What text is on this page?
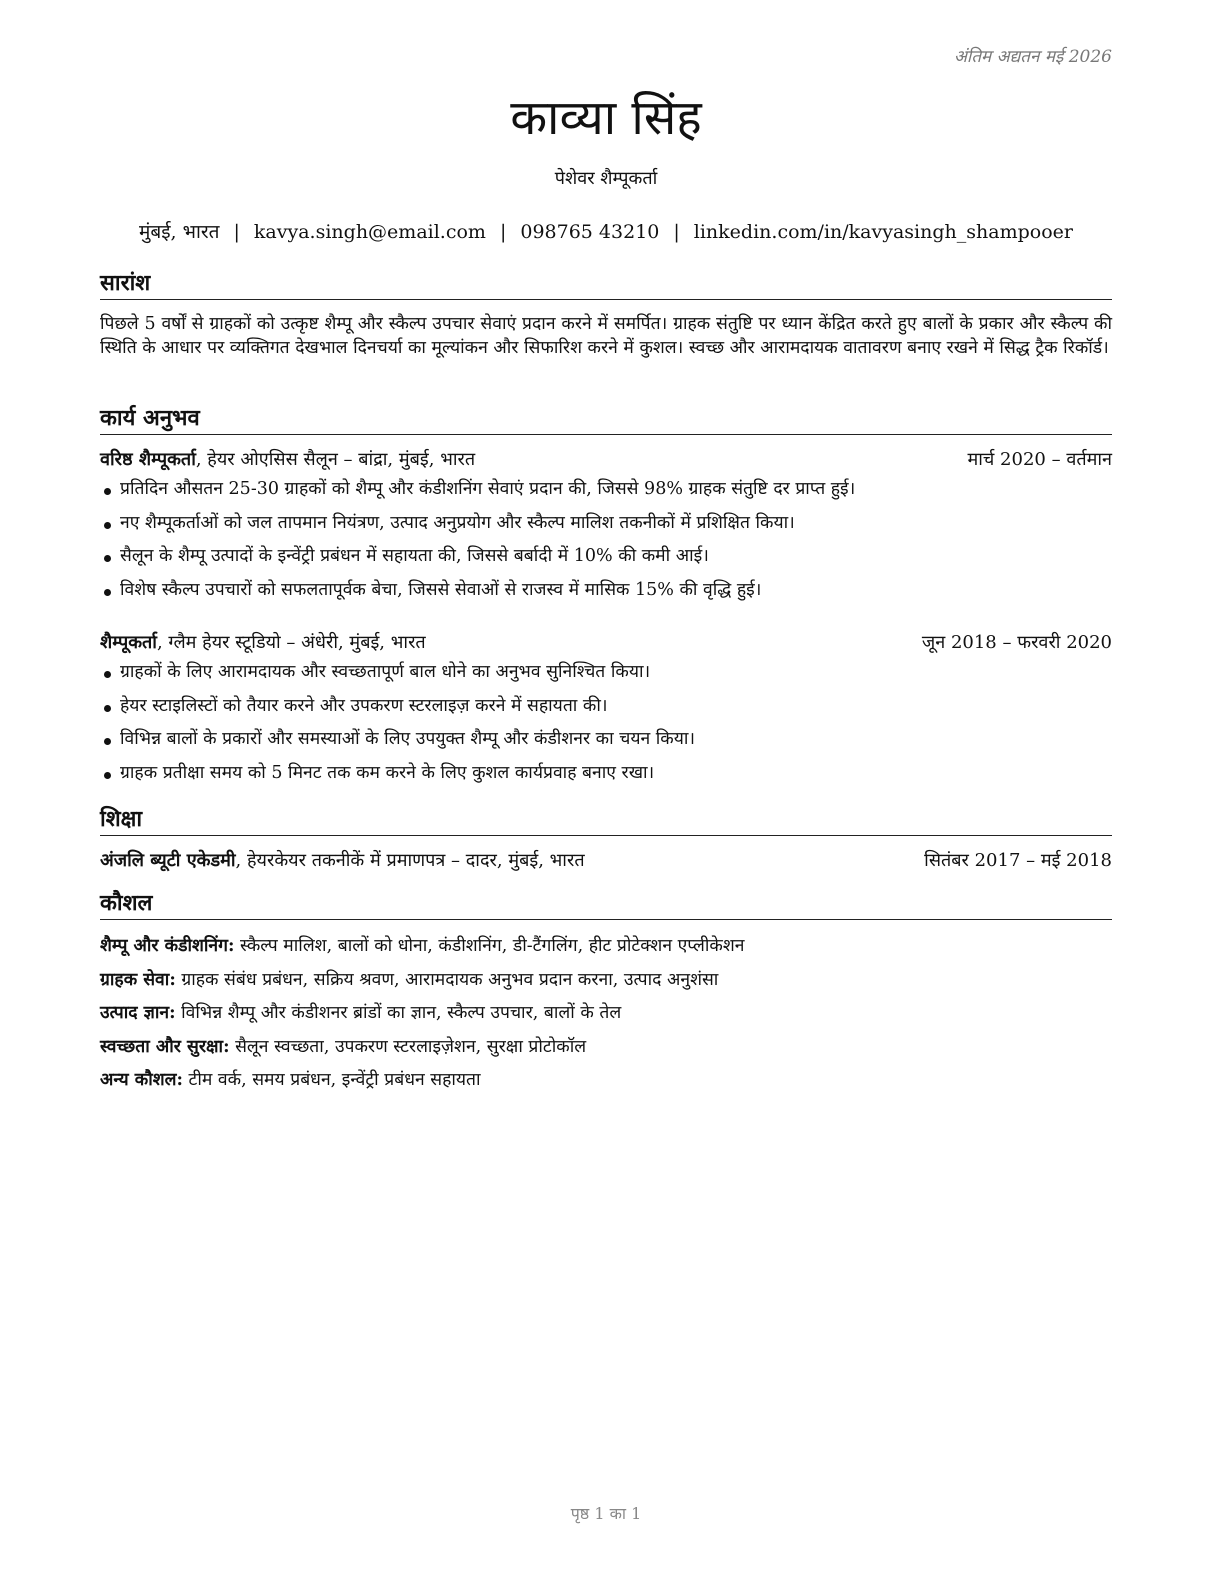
अंतिम अद्यतन मई 2026
काव्या सिंह
पेशेवर शैम्पूकर्ता
मुंबई, भारत | kavya.singh@email.com | 098765 43210 | linkedin.com/in/kavyasingh_shampooer
सारांश
पिछले 5 वर्षों से ग्राहकों को उत्कृष्ट शैम्पू और स्कैल्प उपचार सेवाएं प्रदान करने में समर्पित। ग्राहक संतुष्टि पर ध्यान केंद्रित करते हुए बालों के प्रकार और स्कैल्प की स्थिति के आधार पर व्यक्तिगत देखभाल दिनचर्या का मूल्यांकन और सिफारिश करने में कुशल। स्वच्छ और आरामदायक वातावरण बनाए रखने में सिद्ध ट्रैक रिकॉर्ड।
कार्य अनुभव
वरिष्ठ शैम्पूकर्ता, हेयर ओएसिस सैलून – बांद्रा, मुंबई, भारत	मार्च 2020 – वर्तमान
प्रतिदिन औसतन 25-30 ग्राहकों को शैम्पू और कंडीशनिंग सेवाएं प्रदान की, जिससे 98% ग्राहक संतुष्टि दर प्राप्त हुई।
नए शैम्पूकर्ताओं को जल तापमान नियंत्रण, उत्पाद अनुप्रयोग और स्कैल्प मालिश तकनीकों में प्रशिक्षित किया।
सैलून के शैम्पू उत्पादों के इन्वेंट्री प्रबंधन में सहायता की, जिससे बर्बादी में 10% की कमी आई।
विशेष स्कैल्प उपचारों को सफलतापूर्वक बेचा, जिससे सेवाओं से राजस्व में मासिक 15% की वृद्धि हुई।
शैम्पूकर्ता, ग्लैम हेयर स्टूडियो – अंधेरी, मुंबई, भारत	जून 2018 – फरवरी 2020
ग्राहकों के लिए आरामदायक और स्वच्छतापूर्ण बाल धोने का अनुभव सुनिश्चित किया।
हेयर स्टाइलिस्टों को तैयार करने और उपकरण स्टरलाइज़ करने में सहायता की।
विभिन्न बालों के प्रकारों और समस्याओं के लिए उपयुक्त शैम्पू और कंडीशनर का चयन किया।
ग्राहक प्रतीक्षा समय को 5 मिनट तक कम करने के लिए कुशल कार्यप्रवाह बनाए रखा।
शिक्षा
अंजलि ब्यूटी एकेडमी, हेयरकेयर तकनीकें में प्रमाणपत्र – दादर, मुंबई, भारत	सितंबर 2017 – मई 2018
कौशल
शैम्पू और कंडीशनिंग: स्कैल्प मालिश, बालों को धोना, कंडीशनिंग, डी-टैंगलिंग, हीट प्रोटेक्शन एप्लीकेशन
ग्राहक सेवा: ग्राहक संबंध प्रबंधन, सक्रिय श्रवण, आरामदायक अनुभव प्रदान करना, उत्पाद अनुशंसा
उत्पाद ज्ञान: विभिन्न शैम्पू और कंडीशनर ब्रांडों का ज्ञान, स्कैल्प उपचार, बालों के तेल
स्वच्छता और सुरक्षा: सैलून स्वच्छता, उपकरण स्टरलाइज़ेशन, सुरक्षा प्रोटोकॉल
अन्य कौशल: टीम वर्क, समय प्रबंधन, इन्वेंट्री प्रबंधन सहायता
पृष्ठ 1 का 1
